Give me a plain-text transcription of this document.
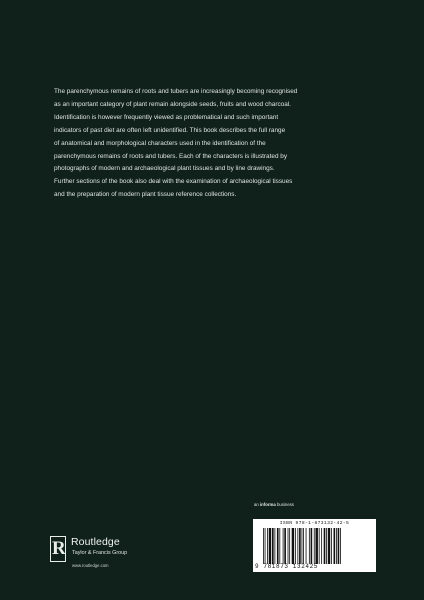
The parenchymous remains of roots and tubers are increasingly becoming recognised

as an important category of plant remain alongside seeds, fruits and wood charcoal.

Identification is however frequently viewed as problematical and such important

indicators of past diet are often left unidentified. This book describes the full range

of anatomical and morphological characters used in the identification of the

parenchymous remains of roots and tubers. Each of the characters is illustrated by

photographs of modern and archaeological plant tissues and by line drawings.

Further sections of the book also deal with the examination of archaeological tissues

and the preparation of modern plant tissue reference collections.

an informa business
ISBN 978-1-873132-42-5
9 781873 132425
R Routledge
Taylor & Francis Group
www.routledge.com
